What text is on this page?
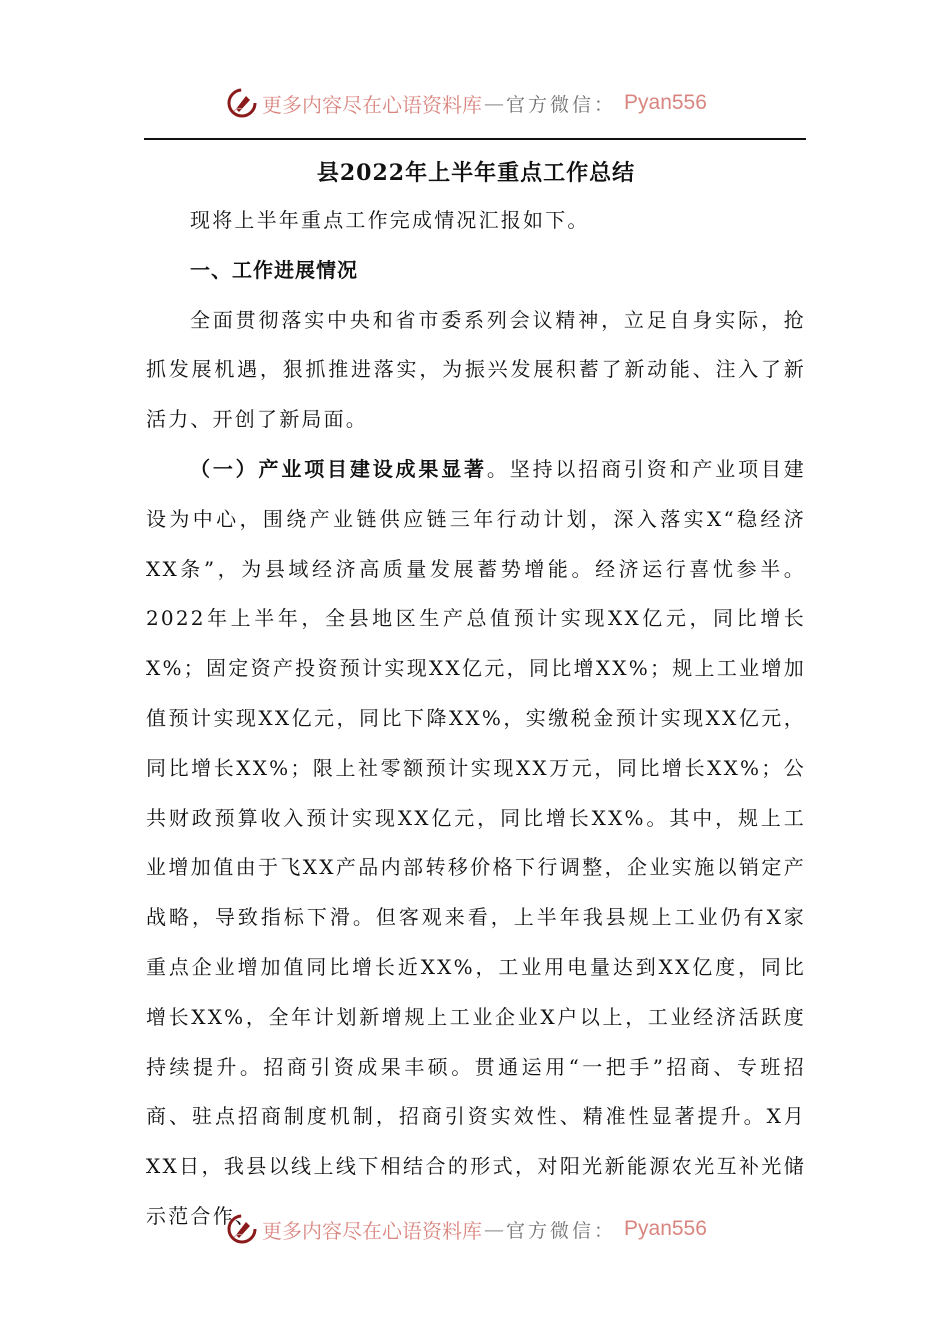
更多内容尽在心语资料库 — 官方微信： Pyan556
县2022年上半年重点工作总结

现将上半年重点工作完成情况汇报如下。

一、工作进展情况

全面贯彻落实中央和省市委系列会议精神，立足自身实际，抢抓发展机遇，狠抓推进落实，为振兴发展积蓄了新动能、注入了新活力、开创了新局面。

（一）产业项目建设成果显著。坚持以招商引资和产业项目建设为中心，围绕产业链供应链三年行动计划，深入落实X“稳经济XX条”，为县域经济高质量发展蓄势增能。经济运行喜忧参半。2022年上半年，全县地区生产总值预计实现XX亿元，同比增长X%；固定资产投资预计实现XX亿元，同比增XX%；规上工业增加值预计实现XX亿元，同比下降XX%，实缴税金预计实现XX亿元，同比增长XX%；限上社零额预计实现XX万元，同比增长XX%；公共财政预算收入预计实现XX亿元，同比增长XX%。其中，规上工业增加值由于飞XX产品内部转移价格下行调整，企业实施以销定产战略，导致指标下滑。但客观来看，上半年我县规上工业仍有X家重点企业增加值同比增长近XX%，工业用电量达到XX亿度，同比增长XX%，全年计划新增规上工业企业X户以上，工业经济活跃度持续提升。招商引资成果丰硕。贯通运用“一把手”招商、专班招商、驻点招商制度机制，招商引资实效性、精准性显著提升。X月XX日，我县以线上线下相结合的形式，对阳光新能源农光互补光储示范合作、

更多内容尽在心语资料库 — 官方微信： Pyan556
